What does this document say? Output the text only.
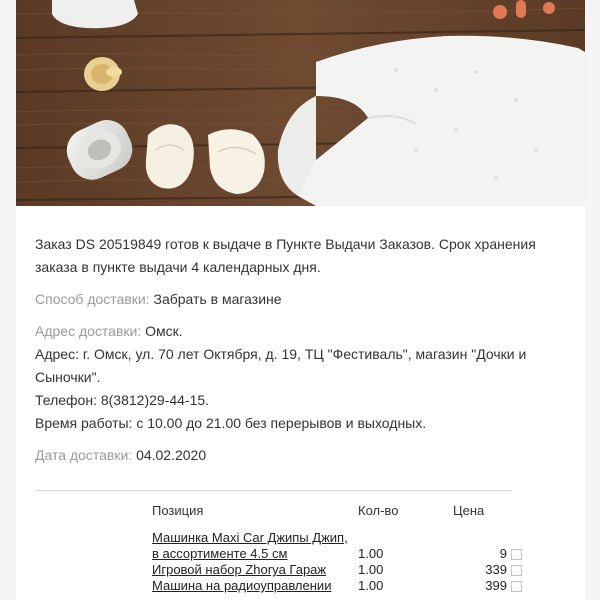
Заказ DS 20519849 готов к выдаче в Пункте Выдачи Заказов. Срок хранения заказа в пункте выдачи 4 календарных дня.

Способ доставки: Забрать в магазине

Адрес доставки: Омск.

Адрес: г. Омск, ул. 70 лет Октября, д. 19, ТЦ "Фестиваль", магазин "Дочки и Сыночки".

Телефон: 8(3812)29-44-15.

Время работы: с 10.00 до 21.00 без перерывов и выходных.

Дата доставки: 04.02.2020

Позиция	Кол-во	Цена	
Машинка Maxi Car Джипы Джип, в ассортименте 4.5 см	1.00	9	
Игровой набор Zhorya Гараж	1.00	339	
Машина на радиоуправлении	1.00	399	
